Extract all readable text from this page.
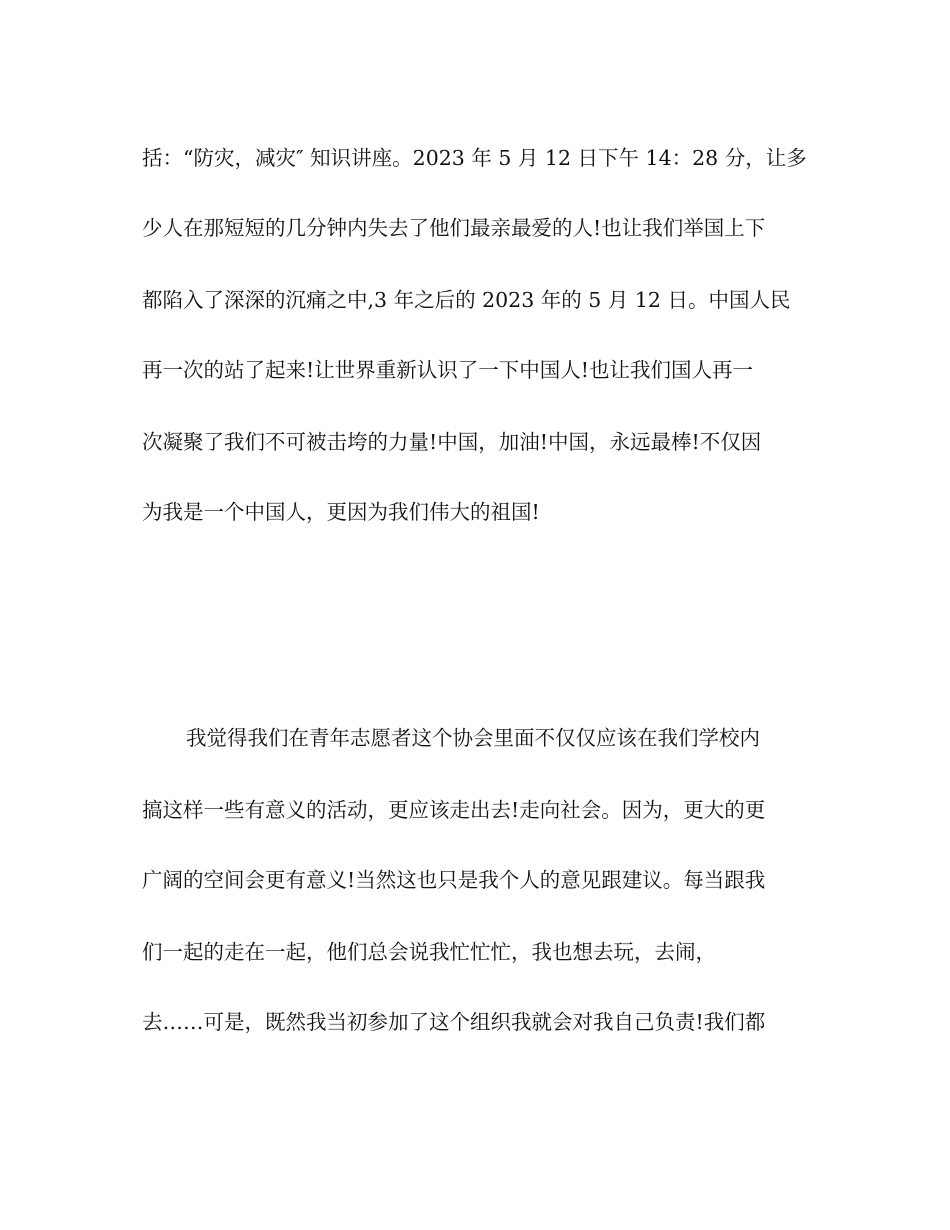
括：“防灾，减灾″ 知识讲座。2023 年 5 月 12 日下午 14：28 分，让多
少人在那短短的几分钟内失去了他们最亲最爱的人!也让我们举国上下
都陷入了深深的沉痛之中,3 年之后的 2023 年的 5 月 12 日。中国人民
再一次的站了起来!让世界重新认识了一下中国人!也让我们国人再一
次凝聚了我们不可被击垮的力量!中国，加油!中国，永远最棒!不仅因
为我是一个中国人，更因为我们伟大的祖国!
我觉得我们在青年志愿者这个协会里面不仅仅应该在我们学校内
搞这样一些有意义的活动，更应该走出去!走向社会。因为，更大的更
广阔的空间会更有意义!当然这也只是我个人的意见跟建议。每当跟我
们一起的走在一起，他们总会说我忙忙忙，我也想去玩，去闹，
去……可是，既然我当初参加了这个组织我就会对我自己负责!我们都
